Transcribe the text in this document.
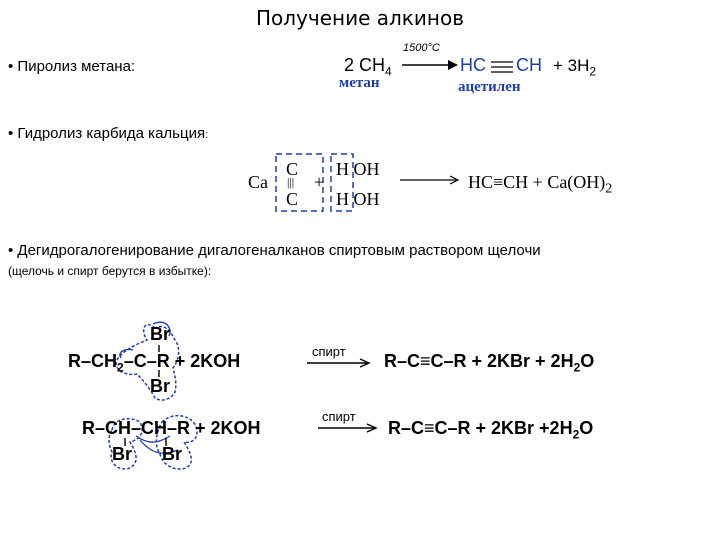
Получение алкинов
• Пиролиз метана:	2 $CH_4$
1500°C
HC CH + $3H_2$
метан	ацетилен
• Гидролиз карбида кальция:
Ca
C
|||
C
+
H OH
H OH
$HC\equiv CH + Ca(OH)_2$
• Дегидрогалогенирование дигалогеналканов спиртовым раствором щелочи
(щелочь и спирт берутся в избытке):
Br
Br
$R-CH_2-C-R + 2KOH$	спирт $R-C\equiv C-R + 2KBr + 2H_2O$
R–CH–CH–R + 2KOH
Br Br
спирт
$R-C\equiv C-R + 2KBr +2H_2O$
